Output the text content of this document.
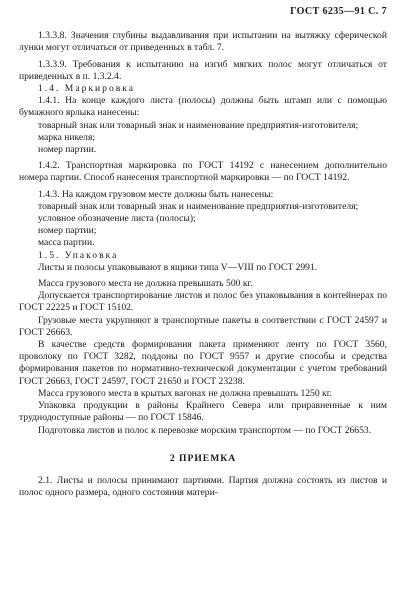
ГОСТ 6235—91 С. 7

1.3.3.8. Значения глубины выдавливания при испытании на вытяжку сферической лунки могут отличаться от приведенных в табл. 7.

1.3.3.9. Требования к испытанию на изгиб мягких полос могут отличаться от приведенных в п. 1.3.2.4.

1.4. Маркировка

1.4.1. На конце каждого листа (полосы) должны быть штамп или с помощью бумажного ярлыка нанесены:

товарный знак или товарный знак и наименование предприятия-изготовителя;

марка никеля;

номер партии.

1.4.2. Транспортная маркировка по ГОСТ 14192 с нанесением дополнительно номера партии. Способ нанесения транспортной маркировки — по ГОСТ 14192.

1.4.3. На каждом грузовом месте должны быть нанесены:

товарный знак или товарный знак и наименование предприятия-изготовителя;

условное обозначение листа (полосы);

номер партии;

масса партии.

1.5. Упаковка

Листы и полосы упаковывают в ящики типа V—VIII по ГОСТ 2991.

Масса грузового места не должна превышать 500 кг.

Допускается транспортирование листов и полос без упаковывания в контейнерах по ГОСТ 22225 и ГОСТ 15102.

Грузовые места укрупняют в транспортные пакеты в соответствии с ГОСТ 24597 и ГОСТ 26663.

В качестве средств формирования пакета применяют ленту по ГОСТ 3560, проволоку по ГОСТ 3282, поддоны по ГОСТ 9557 и другие способы и средства формирования пакетов по нормативно-технической документации с учетом требований ГОСТ 26663, ГОСТ 24597, ГОСТ 21650 и ГОСТ 23238.

Масса грузового места в крытых вагонах не должна превышать 1250 кг.

Упаковка продукции в районы Крайнего Севера или приравненные к ним труднодоступные районы — по ГОСТ 15846.

Подготовка листов и полос к перевозке морским транспортом — по ГОСТ 26653.

2 ПРИЕМКА

2.1. Листы и полосы принимают партиями. Партия должна состоять из листов и полос одного размера, одного состояния матери-
